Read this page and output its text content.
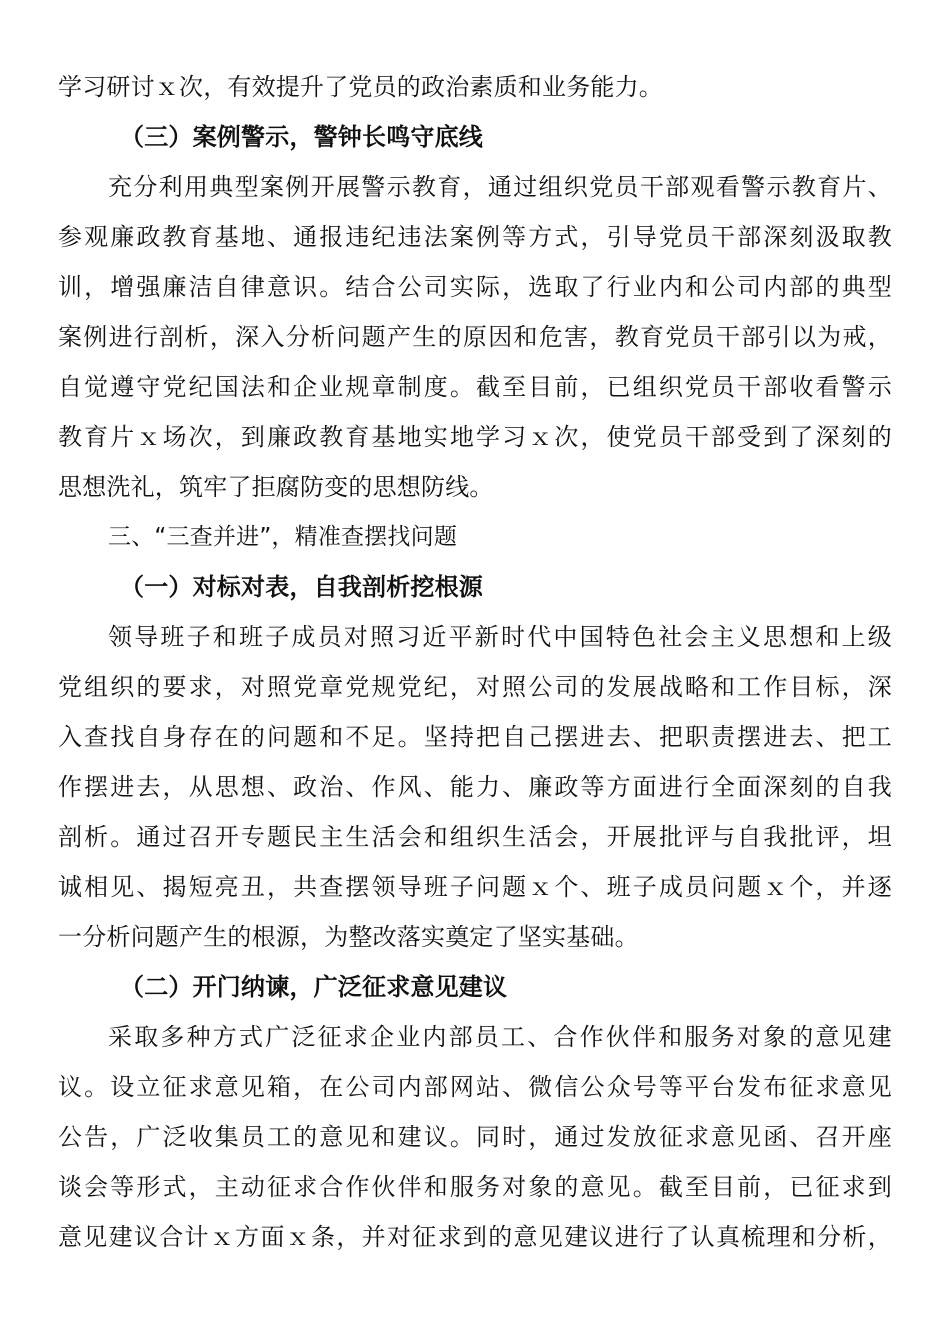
学习研讨ｘ次，有效提升了党员的政治素质和业务能力。
（三）案例警示，警钟长鸣守底线
充分利用典型案例开展警示教育，通过组织党员干部观看警示教育片、
参观廉政教育基地、通报违纪违法案例等方式，引导党员干部深刻汲取教
训，增强廉洁自律意识。结合公司实际，选取了行业内和公司内部的典型
案例进行剖析，深入分析问题产生的原因和危害，教育党员干部引以为戒，
自觉遵守党纪国法和企业规章制度。截至目前，已组织党员干部收看警示
教育片ｘ场次，到廉政教育基地实地学习ｘ次，使党员干部受到了深刻的
思想洗礼，筑牢了拒腐防变的思想防线。
三、“三查并进”，精准查摆找问题
（一）对标对表，自我剖析挖根源
领导班子和班子成员对照习近平新时代中国特色社会主义思想和上级
党组织的要求，对照党章党规党纪，对照公司的发展战略和工作目标，深
入查找自身存在的问题和不足。坚持把自己摆进去、把职责摆进去、把工
作摆进去，从思想、政治、作风、能力、廉政等方面进行全面深刻的自我
剖析。通过召开专题民主生活会和组织生活会，开展批评与自我批评，坦
诚相见、揭短亮丑，共查摆领导班子问题ｘ个、班子成员问题ｘ个，并逐
一分析问题产生的根源，为整改落实奠定了坚实基础。
（二）开门纳谏，广泛征求意见建议
采取多种方式广泛征求企业内部员工、合作伙伴和服务对象的意见建
议。设立征求意见箱，在公司内部网站、微信公众号等平台发布征求意见
公告，广泛收集员工的意见和建议。同时，通过发放征求意见函、召开座
谈会等形式，主动征求合作伙伴和服务对象的意见。截至目前，已征求到
意见建议合计ｘ方面ｘ条，并对征求到的意见建议进行了认真梳理和分析，
